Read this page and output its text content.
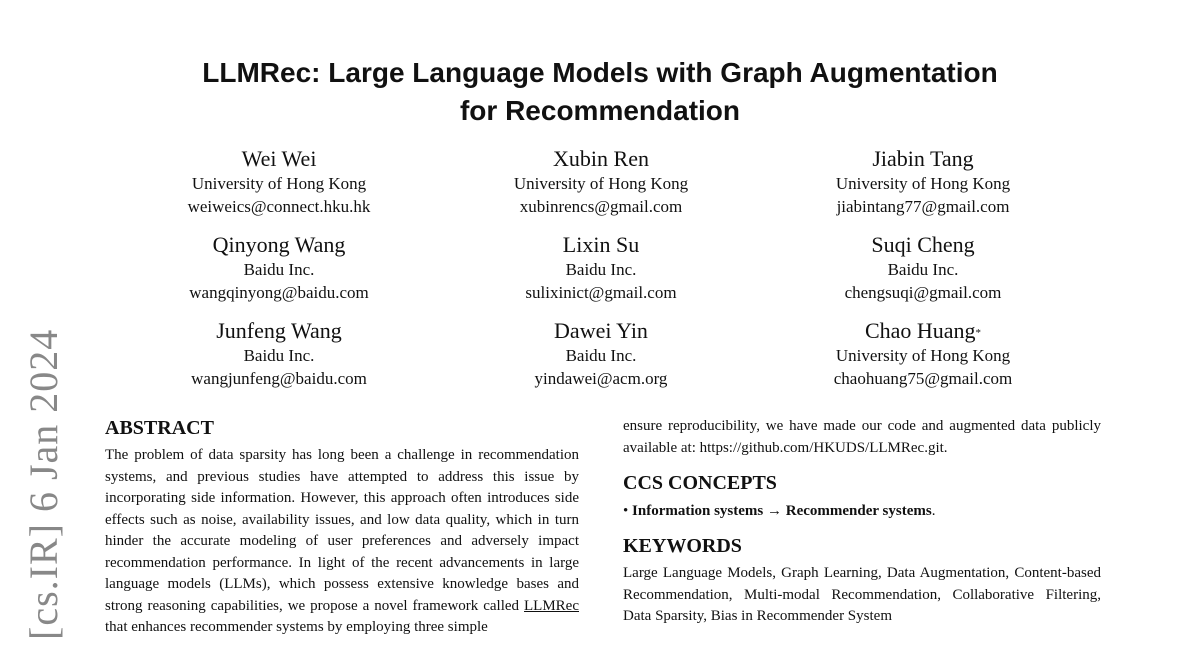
[cs.IR] 6 Jan 2024
LLMRec: Large Language Models with Graph Augmentation
for Recommendation
Wei Wei
University of Hong Kong
weiweics@connect.hku.hk
Xubin Ren
University of Hong Kong
xubinrencs@gmail.com
Jiabin Tang
University of Hong Kong
jiabintang77@gmail.com
Qinyong Wang
Baidu Inc.
wangqinyong@baidu.com
Lixin Su
Baidu Inc.
sulixinict@gmail.com
Suqi Cheng
Baidu Inc.
chengsuqi@gmail.com
Junfeng Wang
Baidu Inc.
wangjunfeng@baidu.com
Dawei Yin
Baidu Inc.
yindawei@acm.org
Chao Huang*
University of Hong Kong
chaohuang75@gmail.com
ABSTRACT

The problem of data sparsity has long been a challenge in recommendation systems, and previous studies have attempted to address this issue by incorporating side information. However, this approach often introduces side effects such as noise, availability issues, and low data quality, which in turn hinder the accurate modeling of user preferences and adversely impact recommendation performance. In light of the recent advancements in large language models (LLMs), which possess extensive knowledge bases and strong reasoning capabilities, we propose a novel framework called LLMRec that enhances recommender systems by employing three simple

ensure reproducibility, we have made our code and augmented data publicly available at: https://github.com/HKUDS/LLMRec.git.

CCS CONCEPTS
• Information systems → Recommender systems.
KEYWORDS

Large Language Models, Graph Learning, Data Augmentation, Content-based Recommendation, Multi-modal Recommendation, Collaborative Filtering, Data Sparsity, Bias in Recommender System
